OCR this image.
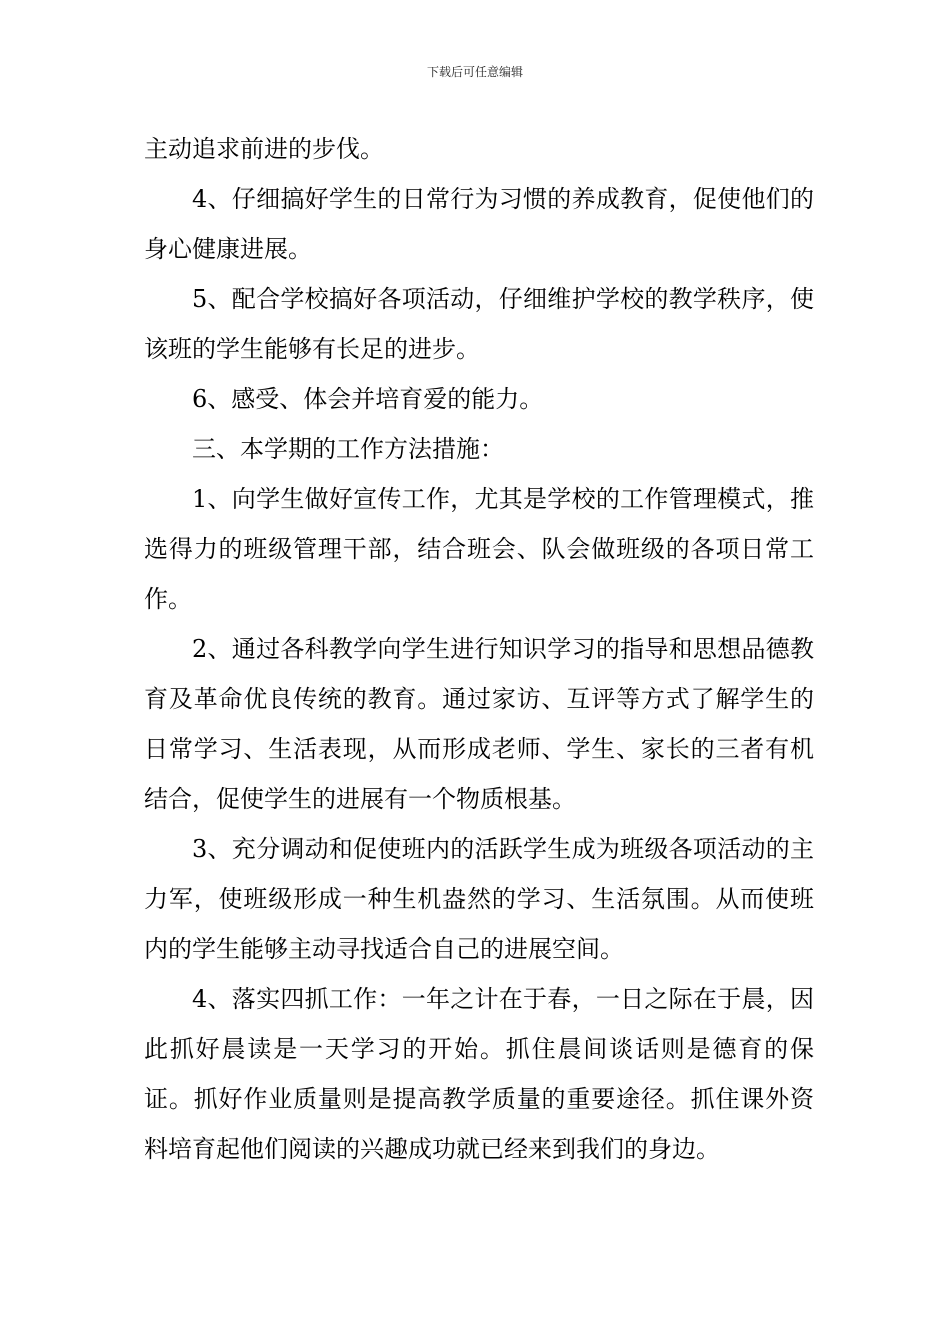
下载后可任意编辑

主动追求前进的步伐。

4、仔细搞好学生的日常行为习惯的养成教育，促使他们的身心健康进展。

5、配合学校搞好各项活动，仔细维护学校的教学秩序，使该班的学生能够有长足的进步。

6、感受、体会并培育爱的能力。

三、本学期的工作方法措施：

1、向学生做好宣传工作，尤其是学校的工作管理模式，推选得力的班级管理干部，结合班会、队会做班级的各项日常工作。

2、通过各科教学向学生进行知识学习的指导和思想品德教育及革命优良传统的教育。通过家访、互评等方式了解学生的日常学习、生活表现，从而形成老师、学生、家长的三者有机结合，促使学生的进展有一个物质根基。

3、充分调动和促使班内的活跃学生成为班级各项活动的主力军，使班级形成一种生机盎然的学习、生活氛围。从而使班内的学生能够主动寻找适合自己的进展空间。

4、落实四抓工作：一年之计在于春，一日之际在于晨，因此抓好晨读是一天学习的开始。抓住晨间谈话则是德育的保证。抓好作业质量则是提高教学质量的重要途径。抓住课外资料培育起他们阅读的兴趣成功就已经来到我们的身边。
